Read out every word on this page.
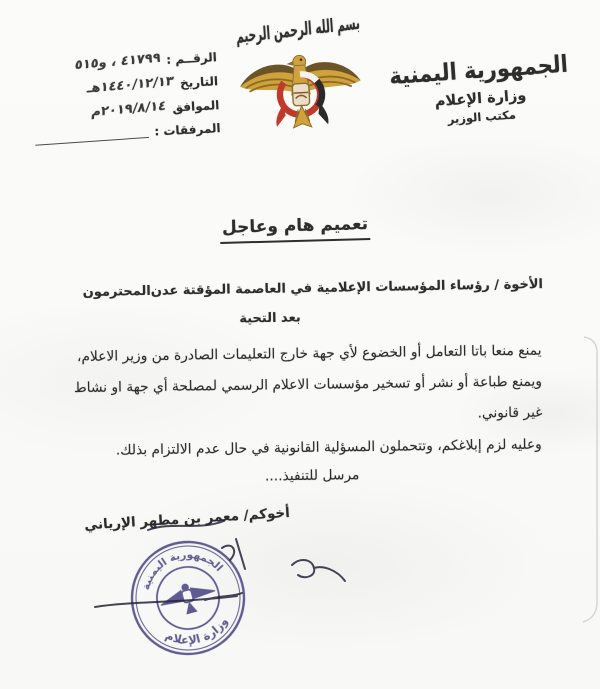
الرقــم :
٤١٧٩٩ ، و٥١٥
التاريخ
١٤٤٠/١٢/١٣هـ
الموافق
٢٠١٩/٨/١٤م
المرفقات :
بسم الله الرحمن الرحيم
الجمهورية اليمنية
وزارة الإعلام
مكتب الوزير
تعميم هام وعاجل
الأخوة / رؤساء المؤسسات الإعلامية في العاصمة المؤقتة عدن
المحترمون
بعد التحية
يمنع منعا باتا التعامل أو الخضوع لأي جهة خارج التعليمات الصادرة من وزير الاعلام،
ويمنع طباعة أو نشر أو تسخير مؤسسات الاعلام الرسمي لمصلحة أي جهة او نشاط
غير قانوني.
وعليه لزم إبلاغكم، وتتحملون المسؤلية القانونية في حال عدم الالتزام بذلك.
مرسل للتنفيذ....
أخوكم/ معمر بن مطهر الإرياني
الجمهورية اليمنية
وزارة الإعلام
